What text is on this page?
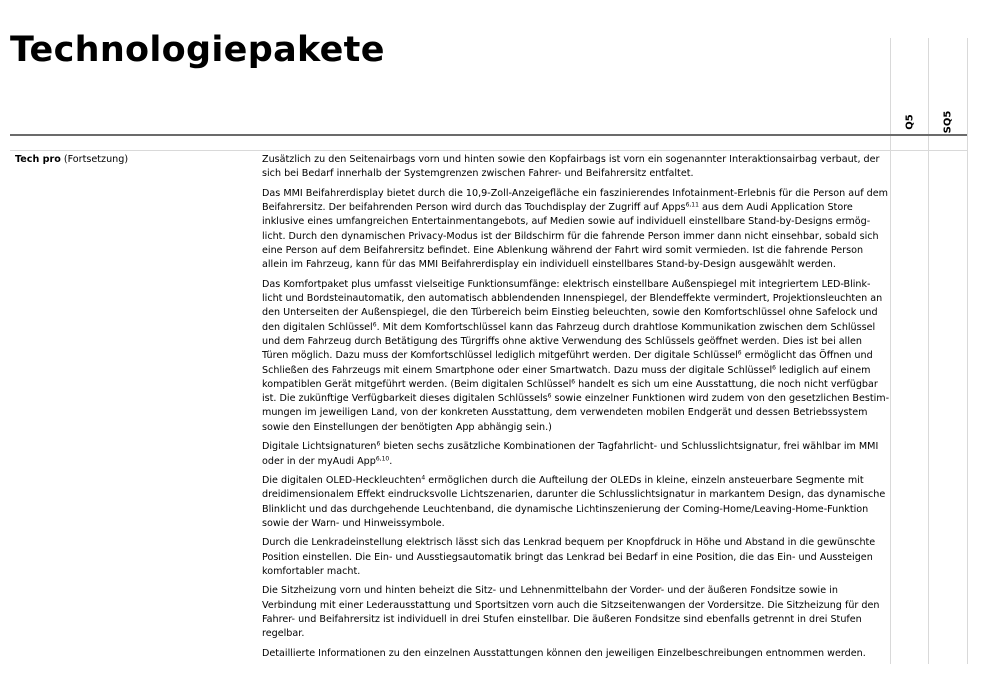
Technologiepakete
Q5	SQ5
Tech pro (Fortsetzung)	Zusätzlich zu den Seitenairbags vorn und hinten sowie den Kopfairbags ist vorn ein sogenannter Interaktionsairbag verbaut, der
sich bei Bedarf innerhalb der Systemgrenzen zwischen Fahrer- und Beifahrersitz entfaltet.

Das MMI Beifahrerdisplay bietet durch die 10,9-Zoll-Anzeigefläche ein faszinierendes Infotainment-Erlebnis für die Person auf dem
Beifahrersitz. Der beifahrenden Person wird durch das Touchdisplay der Zugriff auf Apps$^{6,11}$ aus dem Audi Application Store
inklusive eines umfangreichen Entertainmentangebots, auf Medien sowie auf individuell einstellbare Stand-by-Designs ermög-
licht. Durch den dynamischen Privacy-Modus ist der Bildschirm für die fahrende Person immer dann nicht einsehbar, sobald sich
eine Person auf dem Beifahrersitz befindet. Eine Ablenkung während der Fahrt wird somit vermieden. Ist die fahrende Person
allein im Fahrzeug, kann für das MMI Beifahrerdisplay ein individuell einstellbares Stand-by-Design ausgewählt werden.

Das Komfortpaket plus umfasst vielseitige Funktionsumfänge: elektrisch einstellbare Außenspiegel mit integriertem LED-Blink-
licht und Bordsteinautomatik, den automatisch abblendenden Innenspiegel, der Blendeffekte vermindert, Projektionsleuchten an
den Unterseiten der Außenspiegel, die den Türbereich beim Einstieg beleuchten, sowie den Komfortschlüssel ohne Safelock und
den digitalen Schlüssel$^6$. Mit dem Komfortschlüssel kann das Fahrzeug durch drahtlose Kommunikation zwischen dem Schlüssel
und dem Fahrzeug durch Betätigung des Türgriffs ohne aktive Verwendung des Schlüssels geöffnet werden. Dies ist bei allen
Türen möglich. Dazu muss der Komfortschlüssel lediglich mitgeführt werden. Der digitale Schlüssel$^6$ ermöglicht das Öffnen und
Schließen des Fahrzeugs mit einem Smartphone oder einer Smartwatch. Dazu muss der digitale Schlüssel$^6$ lediglich auf einem
kompatiblen Gerät mitgeführt werden. (Beim digitalen Schlüssel$^6$ handelt es sich um eine Ausstattung, die noch nicht verfügbar
ist. Die zukünftige Verfügbarkeit dieses digitalen Schlüssels$^6$ sowie einzelner Funktionen wird zudem von den gesetzlichen Bestim-
mungen im jeweiligen Land, von der konkreten Ausstattung, dem verwendeten mobilen Endgerät und dessen Betriebssystem
sowie den Einstellungen der benötigten App abhängig sein.)

Digitale Lichtsignaturen$^6$ bieten sechs zusätzliche Kombinationen der Tagfahrlicht- und Schlusslichtsignatur, frei wählbar im MMI
oder in der myAudi App$^{6,10}$.

Die digitalen OLED-Heckleuchten$^4$ ermöglichen durch die Aufteilung der OLEDs in kleine, einzeln ansteuerbare Segmente mit
dreidimensionalem Effekt eindrucksvolle Lichtszenarien, darunter die Schlusslichtsignatur in markantem Design, das dynamische
Blinklicht und das durchgehende Leuchtenband, die dynamische Lichtinszenierung der Coming-Home/Leaving-Home-Funktion
sowie der Warn- und Hinweissymbole.

Durch die Lenkradeinstellung elektrisch lässt sich das Lenkrad bequem per Knopfdruck in Höhe und Abstand in die gewünschte
Position einstellen. Die Ein- und Ausstiegsautomatik bringt das Lenkrad bei Bedarf in eine Position, die das Ein- und Aussteigen
komfortabler macht.

Die Sitzheizung vorn und hinten beheizt die Sitz- und Lehnenmittelbahn der Vorder- und der äußeren Fondsitze sowie in
Verbindung mit einer Lederausstattung und Sportsitzen vorn auch die Sitzseitenwangen der Vordersitze. Die Sitzheizung für den
Fahrer- und Beifahrersitz ist individuell in drei Stufen einstellbar. Die äußeren Fondsitze sind ebenfalls getrennt in drei Stufen
regelbar.

Detaillierte Informationen zu den einzelnen Ausstattungen können den jeweiligen Einzelbeschreibungen entnommen werden.
